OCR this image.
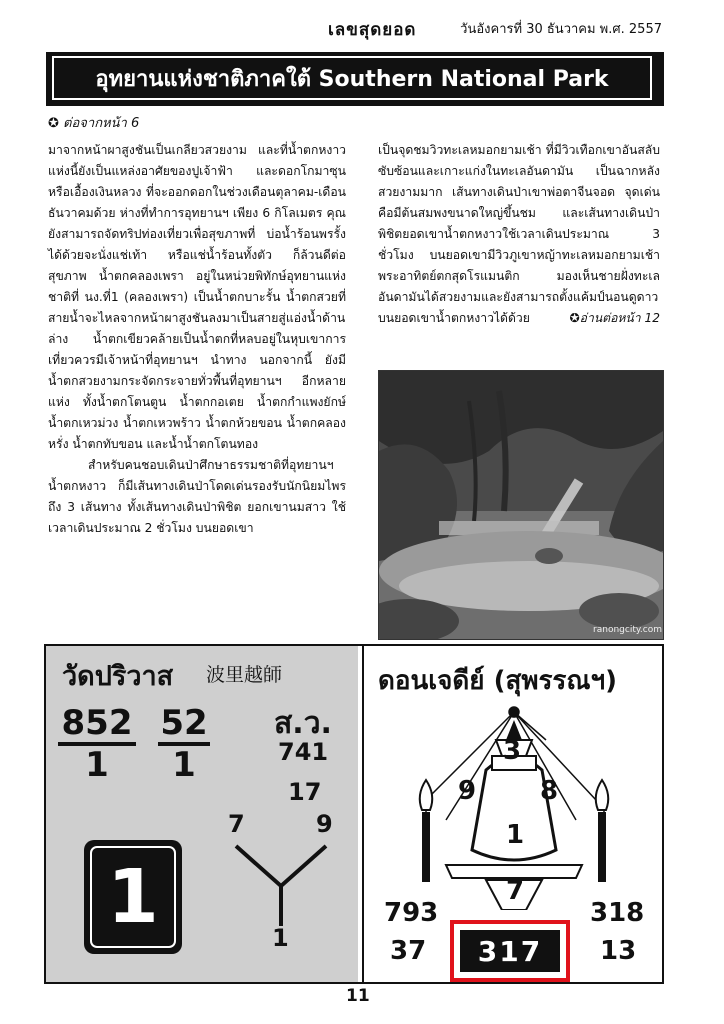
เลขสุดยอด	วันอังคารที่ 30 ธันวาคม พ.ศ. 2557
อุทยานแห่งชาติภาคใต้ Southern National Park
✪ ต่อจากหน้า 6

มาจากหน้าผาสูงชันเป็นเกลียวสวยงาม และที่น้ำตกหงาวแห่งนี้ยังเป็นแหล่งอาศัยของปูเจ้าฟ้า และดอกโกมาซุน หรือเอื้องเงินหลวง ที่จะออกดอกในช่วงเดือนตุลาคม-เดือนธันวาคมด้วย ห่างที่ทำการอุทยานฯ เพียง 6 กิโลเมตร คุณยังสามารถจัดทริปท่องเที่ยวเพื่อสุขภาพที่ บ่อน้ำร้อนพรรั้งได้ด้วยจะนั่งแช่เท้า หรือแช่น้ำร้อนทั้งตัว ก็ล้วนดีต่อสุขภาพ น้ำตกคลองเพรา อยู่ในหน่วยพิทักษ์อุทยานแห่งชาติที่ นง.ที่1 (คลองเพรา) เป็นน้ำตกบาะรั้น น้ำตกสวยที่สายน้ำจะไหลจากหน้าผาสูงชันลงมาเป็นสายสู่แอ่งน้ำด้านล่าง น้ำตกเขียวคล้ายเป็นน้ำตกที่หลบอยู่ในหุบเขาการเที่ยวควรมีเจ้าหน้าที่อุทยานฯ นำทาง นอกจากนี้ ยังมีน้ำตกสวยงามกระจัดกระจายทั่วพื้นที่อุทยานฯ อีกหลายแห่ง ทั้งน้ำตกโตนตูน น้ำตกกอเตย น้ำตกกำแพงยักษ์ น้ำตกเหวม่วง น้ำตกเหวพร้าว น้ำตกห้วยขอน น้ำตกคลองหรั่ง น้ำตกทับขอน และน้ำน้ำตกโตนทอง

สำหรับคนชอบเดินป่าศึกษาธรรมชาติที่อุทยานฯ น้ำตกหงาว ก็มีเส้นทางเดินป่าโดดเด่นรองรับนักนิยมไพรถึง 3 เส้นทาง ทั้งเส้นทางเดินป่าพิชิต ยอกเขานมสาว ใช้เวลาเดินประมาณ 2 ชั่วโมง บนยอดเขา

เป็นจุดชมวิวทะเลหมอกยามเช้า ที่มีวิวเทือกเขาอันสลับซับซ้อนและเกาะแก่งในทะเลอันดามัน เป็นฉากหลังสวยงามมาก เส้นทางเดินป่าเขาพ่อตาจีนจอด จุดเด่นคือมีต้นสมพงขนาดใหญ่ขึ้นชม และเส้นทางเดินป่าพิชิตยอดเขาน้ำตกหงาวใช้เวลาเดินประมาณ 3 ชั่วโมง บนยอดเขามีวิวภูเขาหญ้าทะเลหมอกยามเช้า พระอาทิตย์ตกสุดโรแมนติก มองเห็นชายฝั่งทะเลอันดามันได้สวยงามและยังสามารถตั้งแค้มป์นอนดูดาวบนยอดเขาน้ำตกหงาวได้ด้วย	✪อ่านต่อหน้า 12

ranongcity.com
วัดปริวาส 波里越師
$\frac{852}{1} \frac{52}{1}$ ส.ว.
741
17
1
7	9
1
ดอนเจดีย์ (สุพรรณฯ)
3
9 8
1
7
793	318
37	13
317
11
